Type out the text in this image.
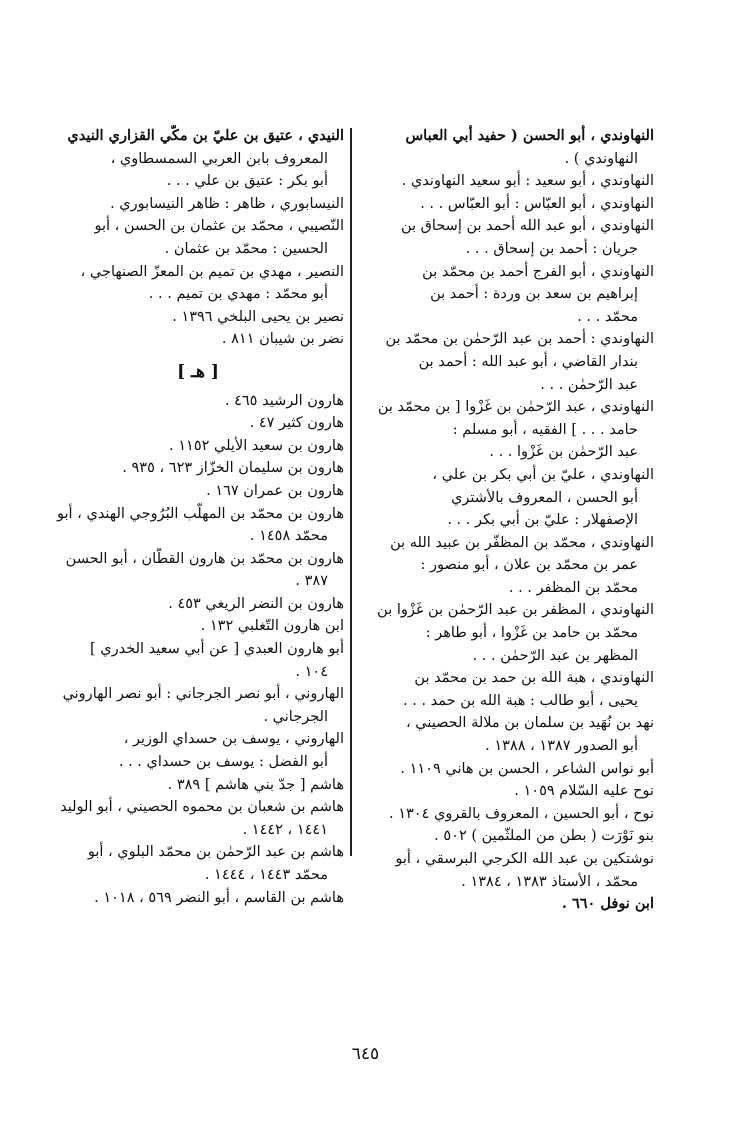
النهاوندي ، أبو الحسن ( حفيد أبي العباس
النهاوندي ) .
النهاوندي ، أبو سعيد : أبو سعيد النهاوندي .
النهاوندي ، أبو العبّاس : أبو العبّاس . . .
النهاوندي ، أبو عبد الله أحمد بن إسحاق بن
جريان : أحمد بن إسحاق . . .
النهاوندي ، أبو الفرج أحمد بن محمّد بن
إبراهيم بن سعد بن وردة : أحمد بن
محمّد . . .
النهاوندي : أحمد بن عبد الرّحمٰن بن محمّد بن
بندار القاضي ، أبو عبد الله : أحمد بن
عبد الرّحمٰن . . .
النهاوندي ، عبد الرّحمٰن بن غَزْوا [ بن محمّد بن
حامد . . . ] الفقيه ، أبو مسلم :
عبد الرّحمٰن بن غَزْوا . . .
النهاوندي ، عليّ بن أبي بكر بن علي ،
أبو الحسن ، المعروف بالأشتري
الإصفهلار : عليّ بن أبي بكر . . .
النهاوندي ، محمّد بن المظفّر بن عبيد الله بن
عمر بن محمّد بن علان ، أبو منصور :
محمّد بن المظفر . . .
النهاوندي ، المظفر بن عبد الرّحمٰن بن غَزْوا بن
محمّد بن حامد بن غَزْوا ، أبو طاهر :
المظهر بن عبد الرّحمٰن . . .
النهاوندي ، هبة الله بن حمد بن محمّد بن
يحيى ، أبو طالب : هبة الله بن حمد . . .
نهد بن نُهَيد بن سلمان بن ملالة الحصيني ،
أبو الصدور ١٣٨٧ ، ١٣٨٨ .
أبو نواس الشاعر ، الحسن بن هاني ١١٠٩ .
نوح عليه السّلام ١٠٥٩ .
نوح ، أبو الحسين ، المعروف بالقروي ١٣٠٤ .
بنو نَوْرَت ( بطن من الملثّمين ) ٥٠٢ .
نوشتكين بن عبد الله الكرجي البرسقي ، أبو
محمّد ، الأستاذ ١٣٨٣ ، ١٣٨٤ .
ابن نوفل ٦٦٠ .
النيدي ، عتيق بن عليّ بن مكّي القزاري النيدي
المعروف بابن العربي السمسطاوي ،
أبو بكر : عتيق بن علي . . .
النيسابوري ، ظاهر : ظاهر النيسابوري .
النّصيبي ، محمّد بن عثمان بن الحسن ، أبو
الحسين : محمّد بن عثمان .
النصير ، مهدي بن تميم بن المعزّ الصنهاجي ،
أبو محمّد : مهدي بن تميم . . .
نصير بن يحيى البلخي ١٣٩٦ .
نضر بن شيبان ٨١١ .
[ هـ ]
هارون الرشيد ٤٦٥ .
هارون كثير ٤٧ .
هارون بن سعيد الأيلي ١١٥٢ .
هارون بن سليمان الخزّاز ٦٢٣ ، ٩٣٥ .
هارون بن عمران ١٦٧ .
هارون بن محمّد بن المهلّب البُرُوجي الهندي ، أبو
محمّد ١٤٥٨ .
هارون بن محمّد بن هارون القطّان ، أبو الحسن
٣٨٧ .
هارون بن النضر الريغي ٤٥٣ .
ابن هارون التّغلبي ١٣٢ .
أبو هارون العبدي [ عن أبي سعيد الخدري ]
١٠٤ .
الهاروني ، أبو نصر الجرجاني : أبو نصر الهاروني
الجرجاني .
الهاروني ، يوسف بن حسداي الوزير ،
أبو الفضل : يوسف بن حسداي . . .
هاشم [ جدّ بني هاشم ] ٣٨٩ .
هاشم بن شعبان بن محموه الحصيني ، أبو الوليد
١٤٤١ ، ١٤٤٢ .
هاشم بن عبد الرّحمٰن بن محمّد البلوي ، أبو
محمّد ١٤٤٣ ، ١٤٤٤ .
هاشم بن القاسم ، أبو النضر ٥٦٩ ، ١٠١٨ .
٦٤٥
